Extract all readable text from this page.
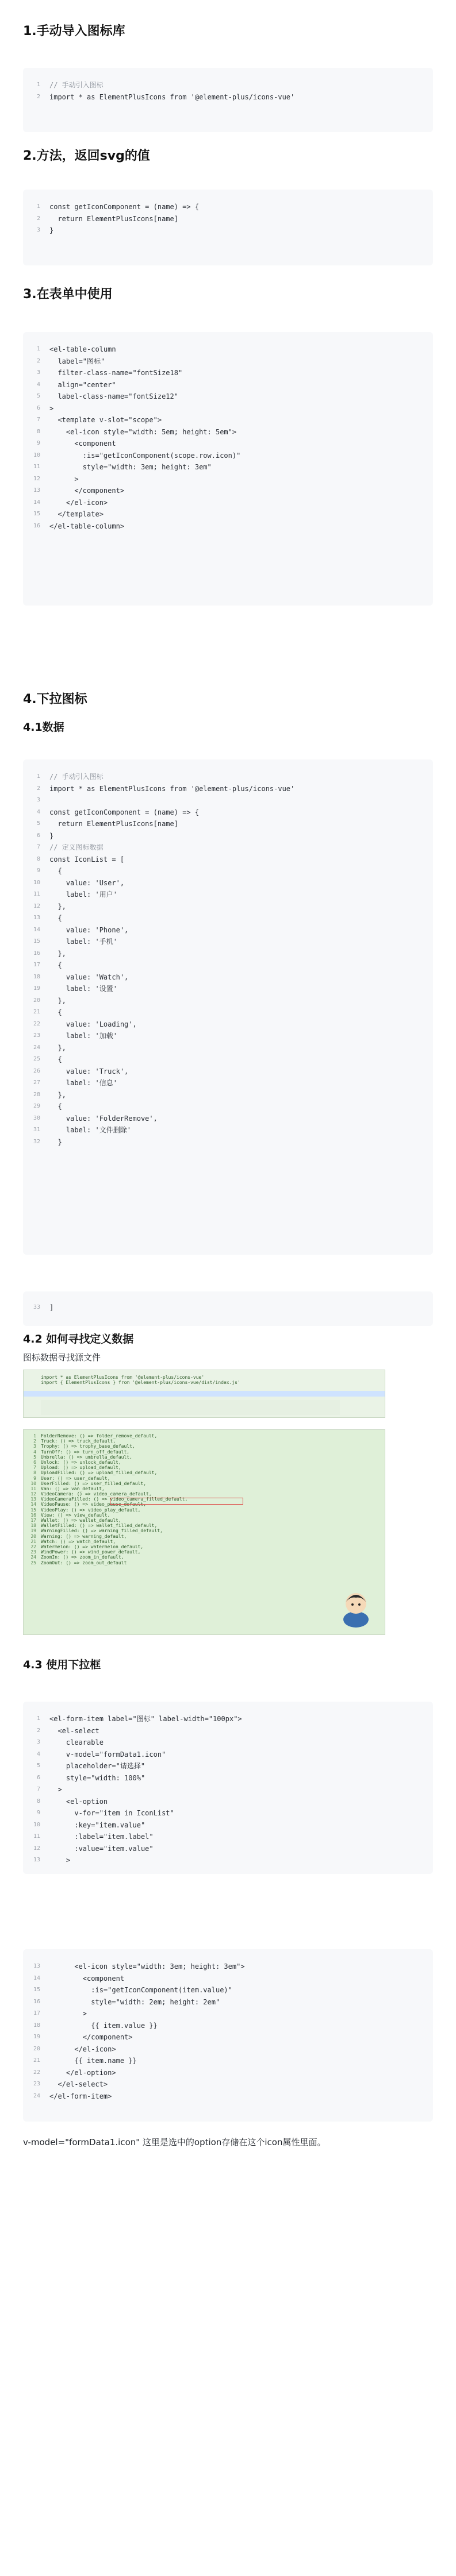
1.手动导入图标库
1	// 手动引入图标
2	import * as ElementPlusIcons from '@element-plus/icons-vue'
2.方法，返回svg的值
1	const getIconComponent = (name) => {
2	return ElementPlusIcons[name]
3	}
3.在表单中使用
1	<el-table-column
2	label="图标"
3	filter-class-name="fontSize18"
4	align="center"
5	label-class-name="fontSize12"
6	>
7	<template v-slot="scope">
8	<el-icon style="width: 5em; height: 5em">
9	<component
10	:is="getIconComponent(scope.row.icon)"
11	style="width: 3em; height: 3em"
12	>
13	</component>
14	</el-icon>
15	</template>
16	</el-table-column>
4.下拉图标
4.1数据
1	// 手动引入图标
2	import * as ElementPlusIcons from '@element-plus/icons-vue'
3
4	const getIconComponent = (name) => {
5	return ElementPlusIcons[name]
6	}
7	// 定义图标数据
8	const IconList = [
9	{
10	value: 'User',
11	label: '用户'
12	},
13	{
14	value: 'Phone',
15	label: '手机'
16	},
17	{
18	value: 'Watch',
19	label: '设置'
20	},
21	{
22	value: 'Loading',
23	label: '加载'
24	},
25	{
26	value: 'Truck',
27	label: '信息'
28	},
29	{
30	value: 'FolderRemove',
31	label: '文件删除'
32	}
33	]
4.2 如何寻找定义数据

图标数据寻找源文件

import * as ElementPlusIcons from '@element-plus/icons-vue'
import { ElementPlusIcons } from '@element-plus/icons-vue/dist/index.js'
1	FolderRemove: () => folder_remove_default,
2	Truck: () => truck_default,
3	Trophy: () => trophy_base_default,
4	TurnOff: () => turn_off_default,
5	Umbrella: () => umbrella_default,
6	Unlock: () => unlock_default,
7	Upload: () => upload_default,
8	UploadFilled: () => upload_filled_default,
9	User: () => user_default,
10	UserFilled: () => user_filled_default,
11	Van: () => van_default,
12	VideoCamera: () => video_camera_default,
13	VideoCameraFilled: () => video_camera_filled_default,
14	VideoPause: () => video_pause_default,
15	VideoPlay: () => video_play_default,
16	View: () => view_default,
17	Wallet: () => wallet_default,
18	WalletFilled: () => wallet_filled_default,
19	WarningFilled: () => warning_filled_default,
20	Warning: () => warning_default,
21	Watch: () => watch_default,
22	Watermelon: () => watermelon_default,
23	WindPower: () => wind_power_default,
24	ZoomIn: () => zoom_in_default,
25	ZoomOut: () => zoom_out_default
4.3 使用下拉框
1	<el-form-item label="图标" label-width="100px">
2	<el-select
3	clearable
4	v-model="formData1.icon"
5	placeholder="请选择"
6	style="width: 100%"
7	>
8	<el-option
9	v-for="item in IconList"
10	:key="item.value"
11	:label="item.label"
12	:value="item.value"
13	>
13	<el-icon style="width: 3em; height: 3em">
14	<component
15	:is="getIconComponent(item.value)"
16	style="width: 2em; height: 2em"
17	>
18	{{ item.value }}
19	</component>
20	</el-icon>
21	{{ item.name }}
22	</el-option>
23	</el-select>
24	</el-form-item>

v-model="formData1.icon" 这里是选中的option存储在这个icon属性里面。
